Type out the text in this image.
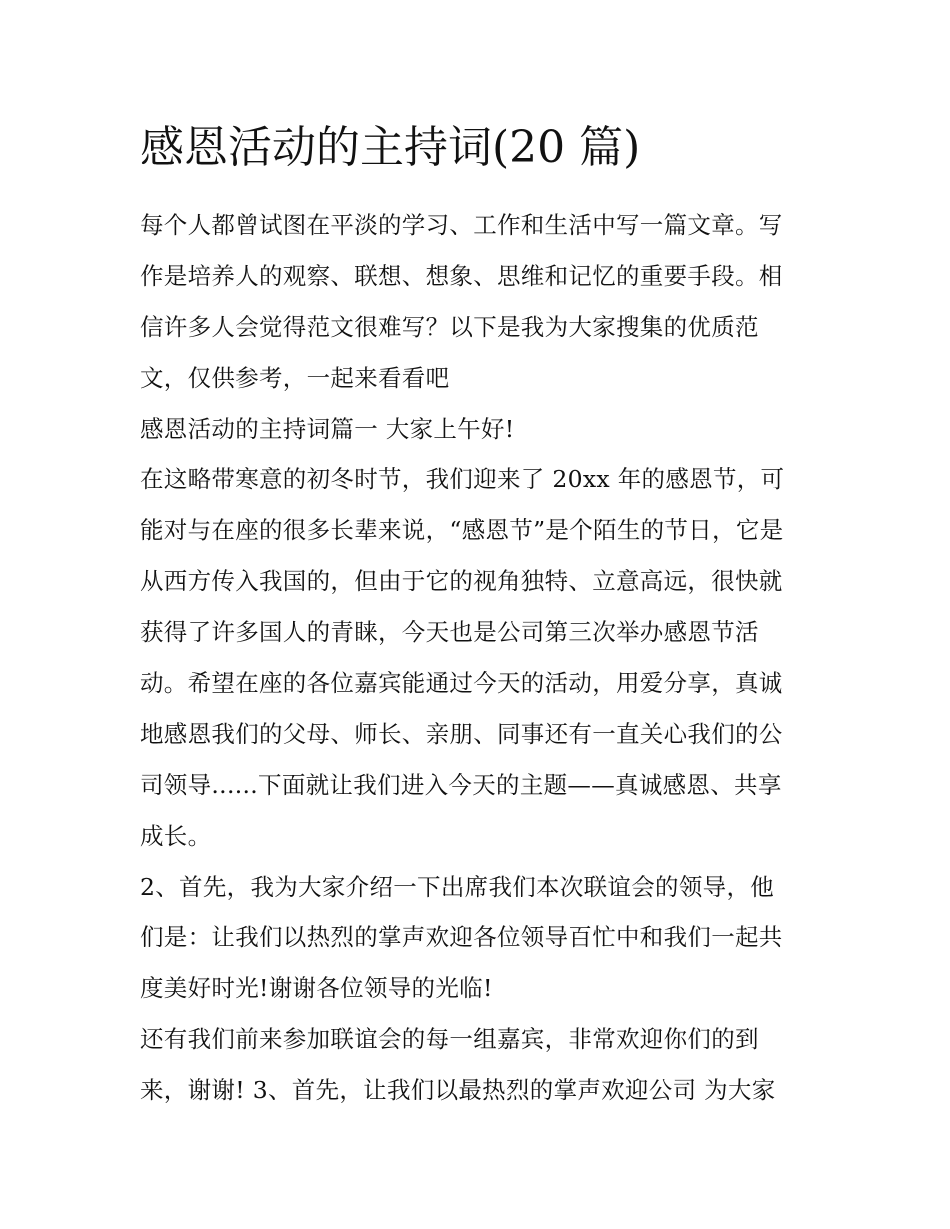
感恩活动的主持词(20 篇)
每个人都曾试图在平淡的学习、工作和生活中写一篇文章。写
作是培养人的观察、联想、想象、思维和记忆的重要手段。相
信许多人会觉得范文很难写？以下是我为大家搜集的优质范
文，仅供参考，一起来看看吧
感恩活动的主持词篇一 大家上午好!
在这略带寒意的初冬时节，我们迎来了 20xx 年的感恩节，可
能对与在座的很多长辈来说，“感恩节”是个陌生的节日，它是
从西方传入我国的，但由于它的视角独特、立意高远，很快就
获得了许多国人的青睐，今天也是公司第三次举办感恩节活
动。希望在座的各位嘉宾能通过今天的活动，用爱分享，真诚
地感恩我们的父母、师长、亲朋、同事还有一直关心我们的公
司领导......下面就让我们进入今天的主题——真诚感恩、共享
成长。
2、首先，我为大家介绍一下出席我们本次联谊会的领导，他
们是：让我们以热烈的掌声欢迎各位领导百忙中和我们一起共
度美好时光!谢谢各位领导的光临!
还有我们前来参加联谊会的每一组嘉宾，非常欢迎你们的到
来，谢谢! 3、首先，让我们以最热烈的掌声欢迎公司 为大家
